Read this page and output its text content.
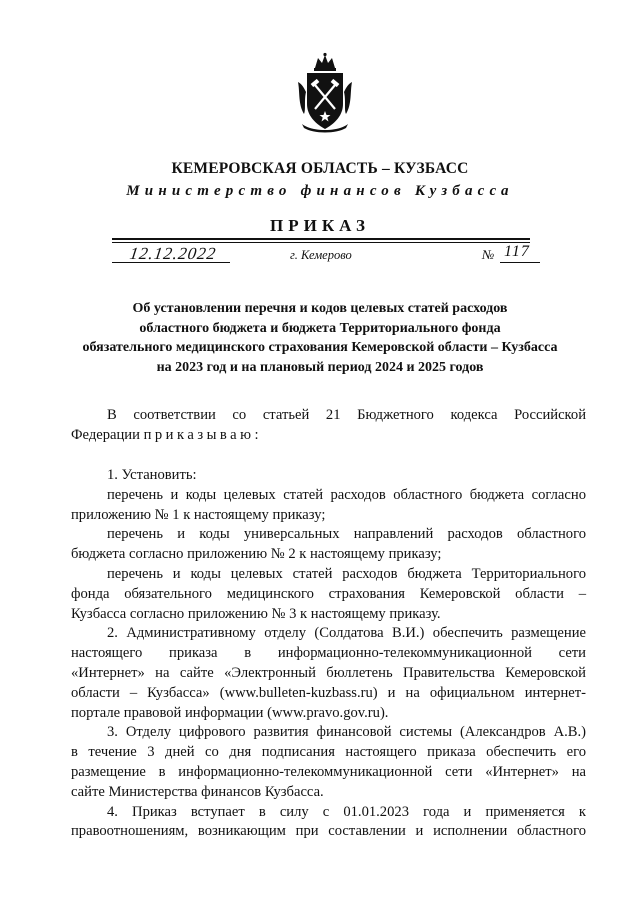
КЕМЕРОВСКАЯ ОБЛАСТЬ – КУЗБАСС
Министерство финансов Кузбасса
ПРИКАЗ
12.12.2022	г. Кемерово	№ 117
Об установлении перечня и кодов целевых статей расходов
областного бюджета и бюджета Территориального фонда
обязательного медицинского страхования Кемеровской области – Кузбасса
на 2023 год и на плановый период 2024 и 2025 годов
В соответствии со статьей 21 Бюджетного кодекса Российской
Федерации приказываю:
1. Установить:
перечень и коды целевых статей расходов областного бюджета согласно
приложению № 1 к настоящему приказу;
перечень и коды универсальных направлений расходов областного
бюджета согласно приложению № 2 к настоящему приказу;
перечень и коды целевых статей расходов бюджета Территориального
фонда обязательного медицинского страхования Кемеровской области –
Кузбасса согласно приложению № 3 к настоящему приказу.
2. Административному отделу (Солдатова В.И.) обеспечить размещение
настоящего приказа в информационно-телекоммуникационной сети
«Интернет» на сайте «Электронный бюллетень Правительства Кемеровской
области – Кузбасса» (www.bulleten-kuzbass.ru) и на официальном интернет-
портале правовой информации (www.pravo.gov.ru).
3. Отделу цифрового развития финансовой системы (Александров А.В.)
в течение 3 дней со дня подписания настоящего приказа обеспечить его
размещение в информационно-телекоммуникационной сети «Интернет» на
сайте Министерства финансов Кузбасса.
4. Приказ вступает в силу с 01.01.2023 года и применяется к
правоотношениям, возникающим при составлении и исполнении областного
